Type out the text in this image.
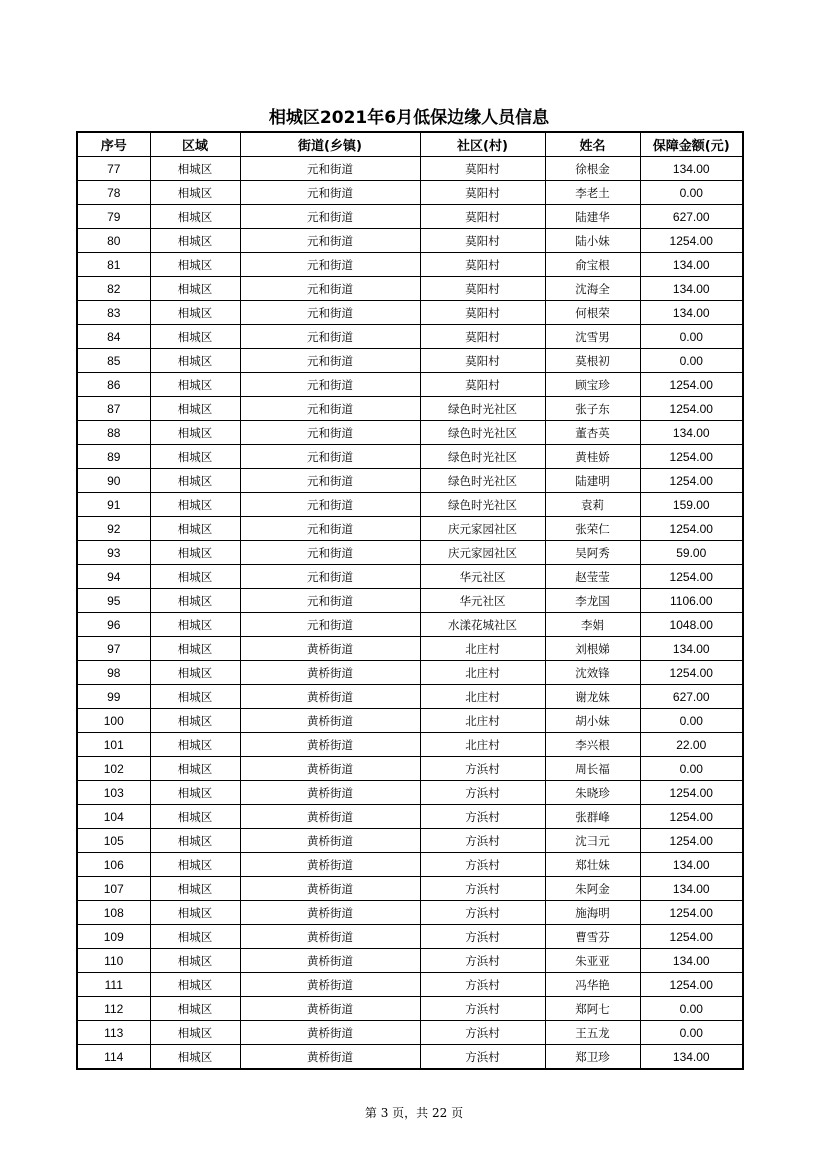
相城区2021年6月低保边缘人员信息
序号	区域	街道(乡镇)	社区(村)	姓名	保障金额(元)
77	相城区	元和街道	莫阳村	徐根金	134.00
78	相城区	元和街道	莫阳村	李老土	0.00
79	相城区	元和街道	莫阳村	陆建华	627.00
80	相城区	元和街道	莫阳村	陆小妹	1254.00
81	相城区	元和街道	莫阳村	俞宝根	134.00
82	相城区	元和街道	莫阳村	沈海全	134.00
83	相城区	元和街道	莫阳村	何根荣	134.00
84	相城区	元和街道	莫阳村	沈雪男	0.00
85	相城区	元和街道	莫阳村	莫根初	0.00
86	相城区	元和街道	莫阳村	顾宝珍	1254.00
87	相城区	元和街道	绿色时光社区	张子东	1254.00
88	相城区	元和街道	绿色时光社区	董杏英	134.00
89	相城区	元和街道	绿色时光社区	黄桂娇	1254.00
90	相城区	元和街道	绿色时光社区	陆建明	1254.00
91	相城区	元和街道	绿色时光社区	袁莉	159.00
92	相城区	元和街道	庆元家园社区	张荣仁	1254.00
93	相城区	元和街道	庆元家园社区	吴阿秀	59.00
94	相城区	元和街道	华元社区	赵莹莹	1254.00
95	相城区	元和街道	华元社区	李龙国	1106.00
96	相城区	元和街道	水漾花城社区	李娟	1048.00
97	相城区	黄桥街道	北庄村	刘根娣	134.00
98	相城区	黄桥街道	北庄村	沈效锋	1254.00
99	相城区	黄桥街道	北庄村	谢龙妹	627.00
100	相城区	黄桥街道	北庄村	胡小妹	0.00
101	相城区	黄桥街道	北庄村	李兴根	22.00
102	相城区	黄桥街道	方浜村	周长福	0.00
103	相城区	黄桥街道	方浜村	朱晓珍	1254.00
104	相城区	黄桥街道	方浜村	张群峰	1254.00
105	相城区	黄桥街道	方浜村	沈彐元	1254.00
106	相城区	黄桥街道	方浜村	郑壮妹	134.00
107	相城区	黄桥街道	方浜村	朱阿金	134.00
108	相城区	黄桥街道	方浜村	施海明	1254.00
109	相城区	黄桥街道	方浜村	曹雪芬	1254.00
110	相城区	黄桥街道	方浜村	朱亚亚	134.00
111	相城区	黄桥街道	方浜村	冯华艳	1254.00
112	相城区	黄桥街道	方浜村	郑阿七	0.00
113	相城区	黄桥街道	方浜村	王五龙	0.00
114	相城区	黄桥街道	方浜村	郑卫珍	134.00
第 3 页，共 22 页
